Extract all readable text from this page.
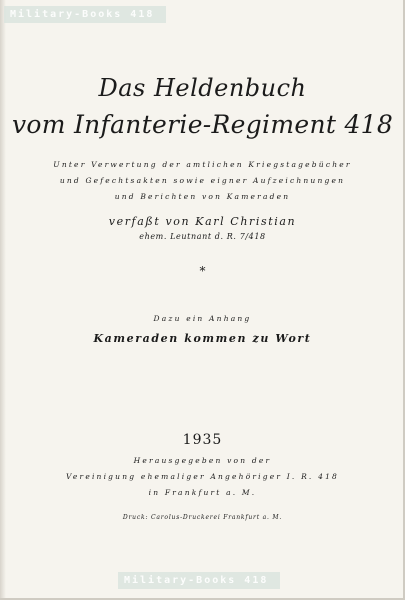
Military-Books 418
Das Heldenbuch
vom Infanterie-Regiment 418
Unter Verwertung der amtlichen Kriegstagebücher
und Gefechtsakten sowie eigner Aufzeichnungen
und Berichten von Kameraden
verfaßt von Karl Christian
ehem. Leutnant d. R. 7/418
*
Dazu ein Anhang
Kameraden kommen zu Wort
1935
Herausgegeben von der
Vereinigung ehemaliger Angehöriger I. R. 418
in Frankfurt a. M.
Druck: Carolus-Druckerei Frankfurt a. M.
Military-Books 418
